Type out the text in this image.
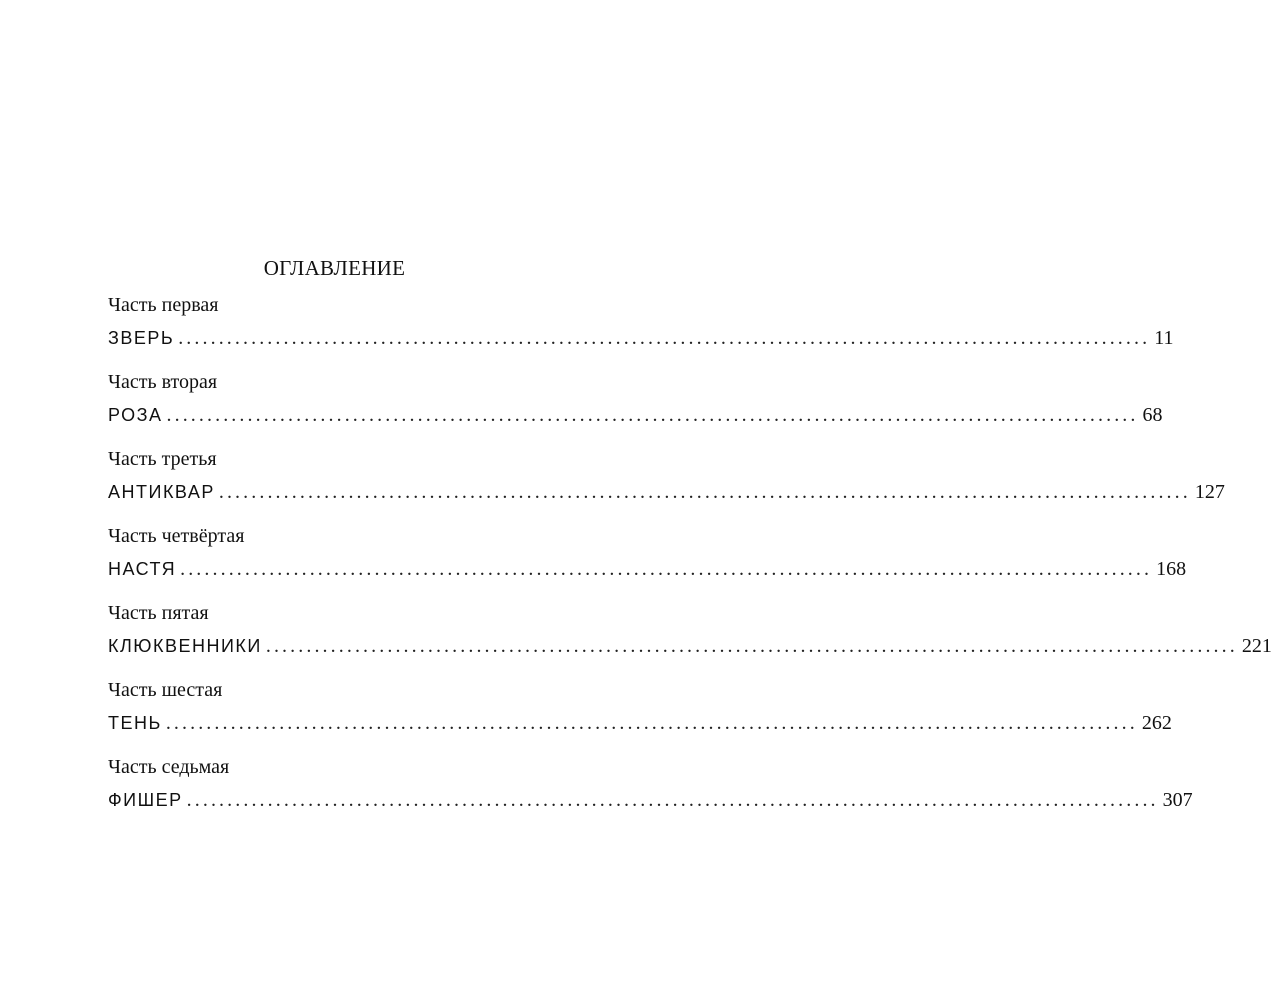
ОГЛАВЛЕНИЕ
Часть первая
ЗВЕРЬ ........................................................................................................................ 11
Часть вторая
РОЗА ........................................................................................................................ 68
Часть третья
АНТИКВАР ........................................................................................................................ 127
Часть четвёртая
НАСТЯ ........................................................................................................................ 168
Часть пятая
КЛЮКВЕННИКИ ........................................................................................................................ 221
Часть шестая
ТЕНЬ ........................................................................................................................ 262
Часть седьмая
ФИШЕР ........................................................................................................................ 307
